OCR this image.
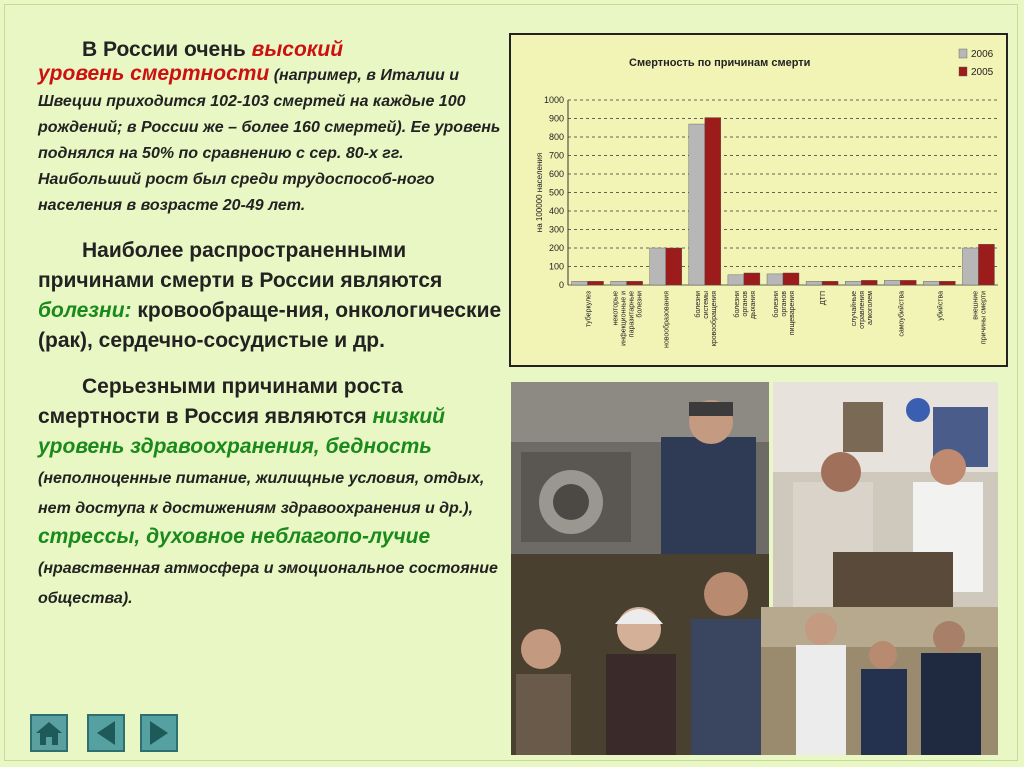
В России очень высокий
уровень смертности (например, в Италии и Швеции приходится 102-103 смертей на каждые 100 рождений; в России же – более 160 смертей). Ее уровень поднялся на 50% по сравнению с сер. 80-х гг. Наибольший рост был среди трудоспособ-ного населения в возрасте 20-49 лет.
Наиболее распространенными причинами смерти в России являются болезни: кровообраще-ния, онкологические (рак), сердечно-сосудистые и др.
Серьезными причинами роста смертности в Россия являются низкий уровень здравоохранения, бедность (неполноценные питание, жилищные условия, отдых, нет доступа к достижениям здравоохранения и др.),
стрессы, духовное неблагопо-лучие (нравственная атмосфера и эмоциональное состояние общества).
Смертность по причинам смерти
на 100000 населения
0
100
200
300
400
500
600
700
800
900
1000
туберкулез	некоторыеинфекционные ипаразитарныеболезни	новообразования	болезнисистемыкровообращения болезниоргановдыхания болезниоргановпищеварения	ДТП	случайныеотравленияалкоголем	самоубийства	убийства	внешниепричины смерти
2006
2005
